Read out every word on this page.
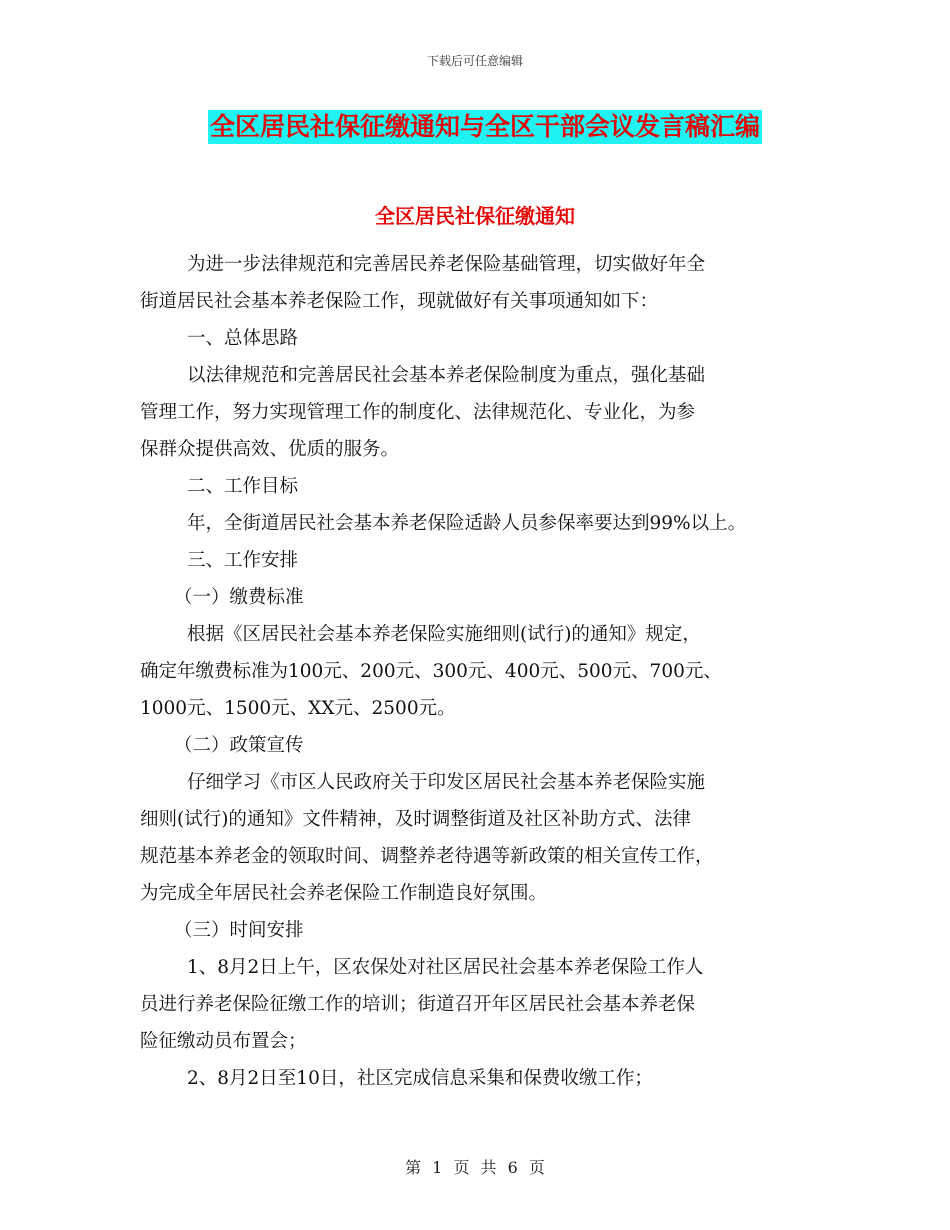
下载后可任意编辑
全区居民社保征缴通知与全区干部会议发言稿汇编
全区居民社保征缴通知
为进一步法律规范和完善居民养老保险基础管理，切实做好年全
街道居民社会基本养老保险工作，现就做好有关事项通知如下：
一、总体思路
以法律规范和完善居民社会基本养老保险制度为重点，强化基础
管理工作，努力实现管理工作的制度化、法律规范化、专业化，为参
保群众提供高效、优质的服务。
二、工作目标
年，全街道居民社会基本养老保险适龄人员参保率要达到99%以上。
三、工作安排
（一）缴费标准
根据《区居民社会基本养老保险实施细则(试行)的通知》规定，
确定年缴费标准为100元、200元、300元、400元、500元、700元、
1000元、1500元、XX元、2500元。
（二）政策宣传
仔细学习《市区人民政府关于印发区居民社会基本养老保险实施
细则(试行)的通知》文件精神，及时调整街道及社区补助方式、法律
规范基本养老金的领取时间、调整养老待遇等新政策的相关宣传工作，
为完成全年居民社会养老保险工作制造良好氛围。
（三）时间安排
1、8月2日上午，区农保处对社区居民社会基本养老保险工作人
员进行养老保险征缴工作的培训；街道召开年区居民社会基本养老保
险征缴动员布置会；
2、8月2日至10日，社区完成信息采集和保费收缴工作；
第 1 页 共 6 页
